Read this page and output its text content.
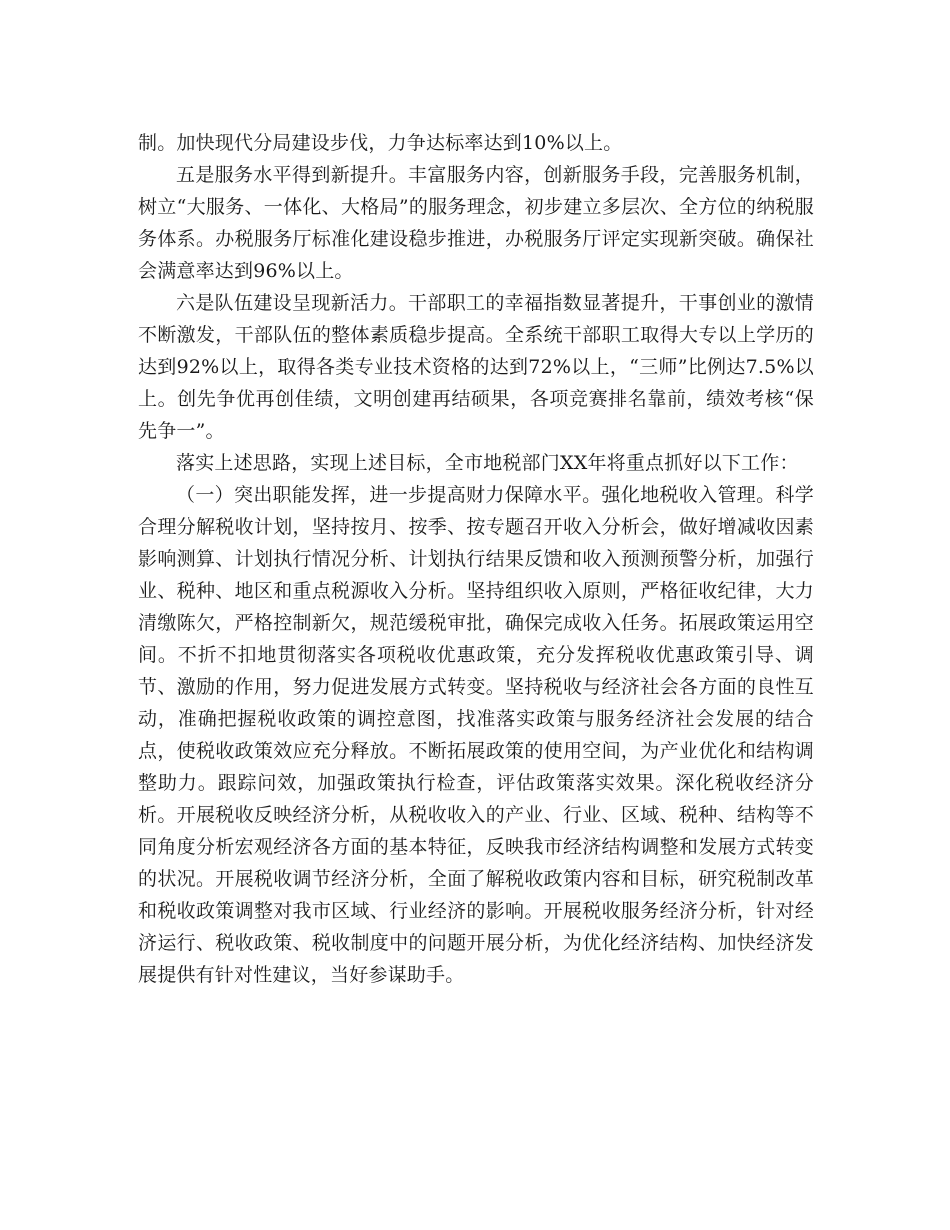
制。加快现代分局建设步伐，力争达标率达到10%以上。

五是服务水平得到新提升。丰富服务内容，创新服务手段，完善服务机制，树立“大服务、一体化、大格局”的服务理念，初步建立多层次、全方位的纳税服务体系。办税服务厅标准化建设稳步推进，办税服务厅评定实现新突破。确保社会满意率达到96%以上。

六是队伍建设呈现新活力。干部职工的幸福指数显著提升，干事创业的激情不断激发，干部队伍的整体素质稳步提高。全系统干部职工取得大专以上学历的达到92%以上，取得各类专业技术资格的达到72%以上，“三师”比例达7.5%以上。创先争优再创佳绩，文明创建再结硕果，各项竞赛排名靠前，绩效考核“保先争一”。

落实上述思路，实现上述目标，全市地税部门XX年将重点抓好以下工作：

（一）突出职能发挥，进一步提高财力保障水平。强化地税收入管理。科学合理分解税收计划，坚持按月、按季、按专题召开收入分析会，做好增减收因素影响测算、计划执行情况分析、计划执行结果反馈和收入预测预警分析，加强行业、税种、地区和重点税源收入分析。坚持组织收入原则，严格征收纪律，大力清缴陈欠，严格控制新欠，规范缓税审批，确保完成收入任务。拓展政策运用空间。不折不扣地贯彻落实各项税收优惠政策，充分发挥税收优惠政策引导、调节、激励的作用，努力促进发展方式转变。坚持税收与经济社会各方面的良性互动，准确把握税收政策的调控意图，找准落实政策与服务经济社会发展的结合点，使税收政策效应充分释放。不断拓展政策的使用空间，为产业优化和结构调整助力。跟踪问效，加强政策执行检查，评估政策落实效果。深化税收经济分析。开展税收反映经济分析，从税收收入的产业、行业、区域、税种、结构等不同角度分析宏观经济各方面的基本特征，反映我市经济结构调整和发展方式转变的状况。开展税收调节经济分析，全面了解税收政策内容和目标，研究税制改革和税收政策调整对我市区域、行业经济的影响。开展税收服务经济分析，针对经济运行、税收政策、税收制度中的问题开展分析，为优化经济结构、加快经济发展提供有针对性建议，当好参谋助手。
